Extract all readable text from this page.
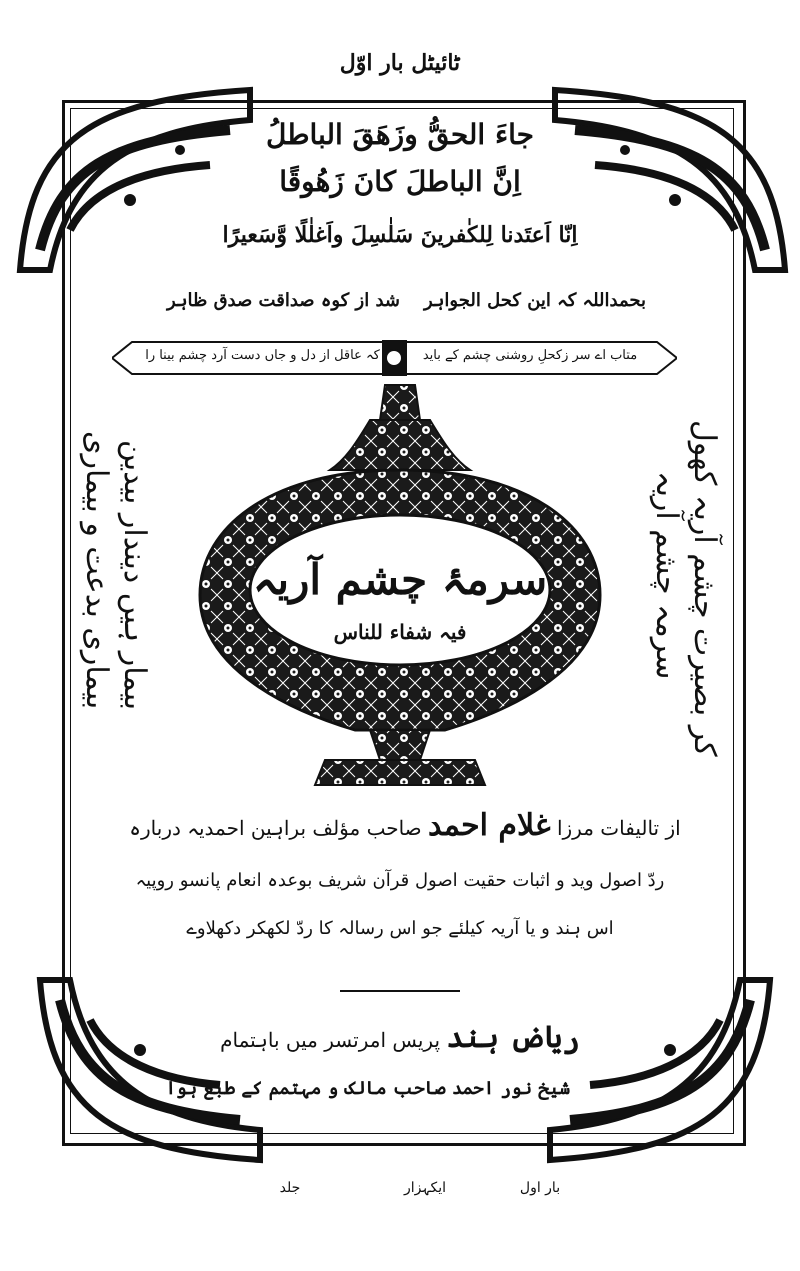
ٹائیٹل بار اوّل
جاءَ الحقُّ وزَهَقَ الباطلُ
اِنَّ الباطلَ کانَ زَهُوقًا
اِنّا اَعتَدنا لِلکٰفرینَ سَلٰسِلَ واَغلٰلًا وَّسَعیرًا
بحمداللہ کہ این کحل الجواہر
شد از کوہ صداقت صدق ظاہر
متاب اے سر زکحلِ روشنی چشم کے باید
کہ عاقل از دل و جاں دست آرد چشم بینا را
بیماری بدعت و بیماری بیمار ہیں دیندار بیدین	سرمہ چشم آریہ کر بصیرت چشم آریہ کھول
سرمۂ چشم آریہ
فیہ شفاء للناس
از تالیفات مرزا غلام احمد صاحب مؤلف براہین احمدیہ دربارہ
ردّ اصول وید و اثبات حقیت اصول قرآن شریف بوعدہ انعام پانسو روپیہ
اس ہند و یا آریہ کیلئے جو اس رسالہ کا ردّ لکھکر دکھلاوے
ریاض ہند پریس امرتسر میں باہتمام
شیخ نور احمد صاحب مالک و مہتمم کے طبع ہوا
بار اول
ایکہزار
جلد
